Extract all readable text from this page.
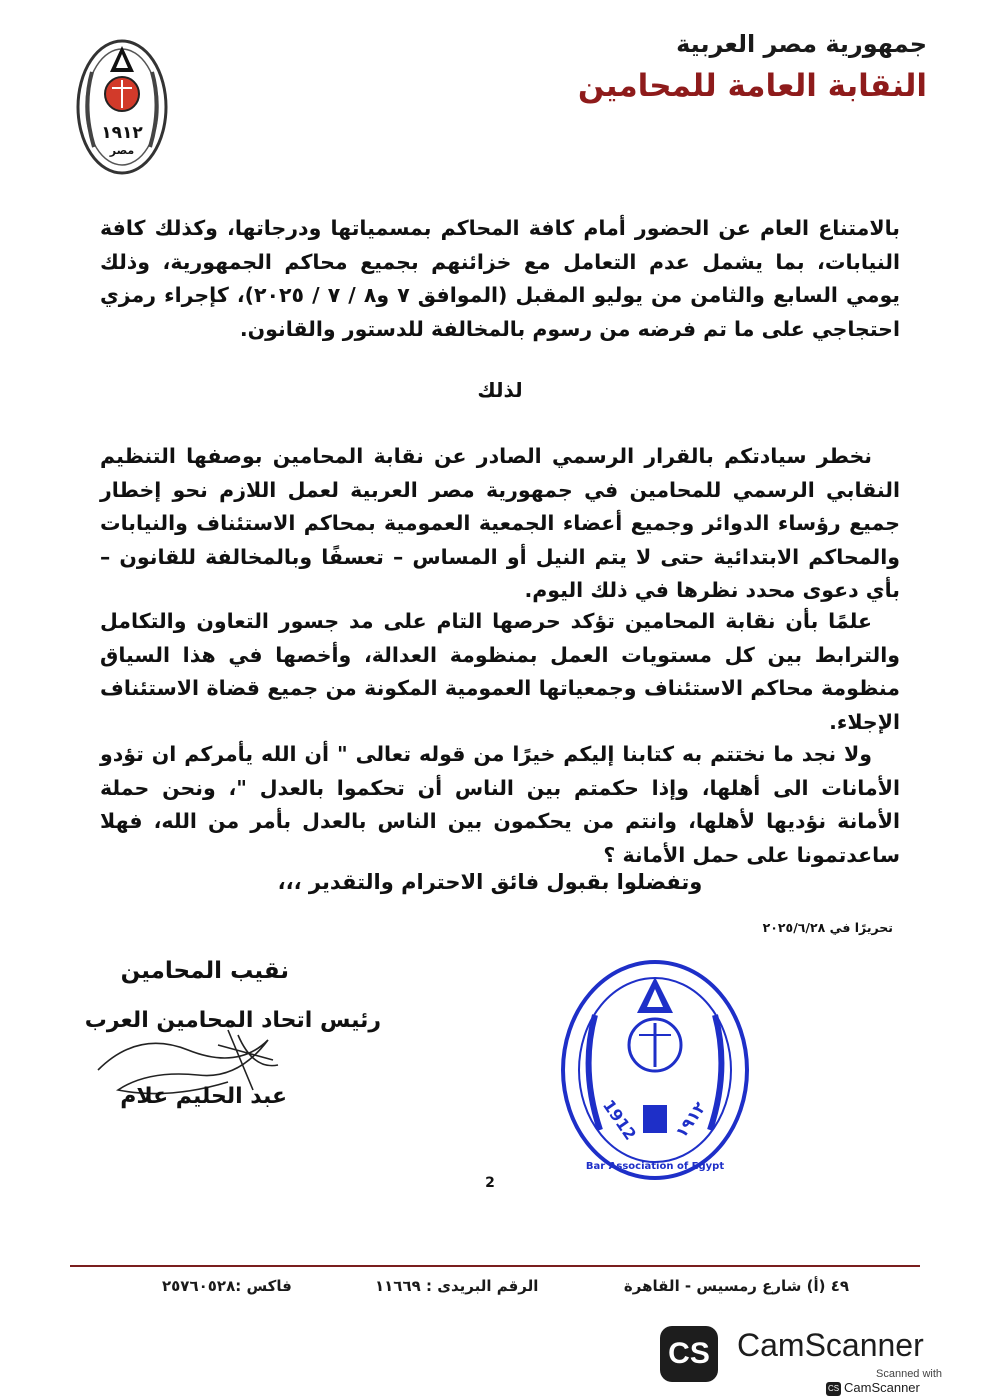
١٩١٢
مصر
جمهورية مصر العربية
النقابة العامة للمحامين
بالامتناع العام عن الحضور أمام كافة المحاكم بمسمياتها ودرجاتها، وكذلك كافة النيابات، بما يشمل عدم التعامل مع خزائنهم بجميع محاكم الجمهورية، وذلك يومي السابع والثامن من يوليو المقبل (الموافق ٧ و٨ / ٧ / ٢٠٢٥)، كإجراء رمزي احتجاجي على ما تم فرضه من رسوم بالمخالفة للدستور والقانون.
لذلك
نخطر سيادتكم بالقرار الرسمي الصادر عن نقابة المحامين بوصفها التنظيم النقابي الرسمي للمحامين في جمهورية مصر العربية لعمل اللازم نحو إخطار جميع رؤساء الدوائر وجميع أعضاء الجمعية العمومية بمحاكم الاستئناف والنيابات والمحاكم الابتدائية حتى لا يتم النيل أو المساس – تعسفًا وبالمخالفة للقانون – بأي دعوى محدد نظرها في ذلك اليوم.
علمًا بأن نقابة المحامين تؤكد حرصها التام على مد جسور التعاون والتكامل والترابط بين كل مستويات العمل بمنظومة العدالة، وأخصها في هذا السياق منظومة محاكم الاستئناف وجمعياتها العمومية المكونة من جميع قضاة الاستئناف الإجلاء.
ولا نجد ما نختتم به كتابنا إليكم خيرًا من قوله تعالى " أن الله يأمركم ان تؤدو الأمانات الى أهلها، وإذا حكمتم بين الناس أن تحكموا بالعدل "، ونحن حملة الأمانة نؤديها لأهلها، وانتم من يحكمون بين الناس بالعدل بأمر من الله، فهلا ساعدتمونا على حمل الأمانة ؟
وتفضلوا بقبول فائق الاحترام والتقدير ،،،
تحريرًا في ٢٠٢٥/٦/٢٨
نقيب المحامين
رئيس اتحاد المحامين العرب
عبد الحليم علام	1912 ١٩١٢
Bar Association of Egypt
2
٤٩ (أ) شارع رمسيس - القاهرة
الرقم البريدى : ١١٦٦٩
فاكس :٢٥٧٦٠٥٢٨
CS CamScanner
Scanned with
CS CamScanner
